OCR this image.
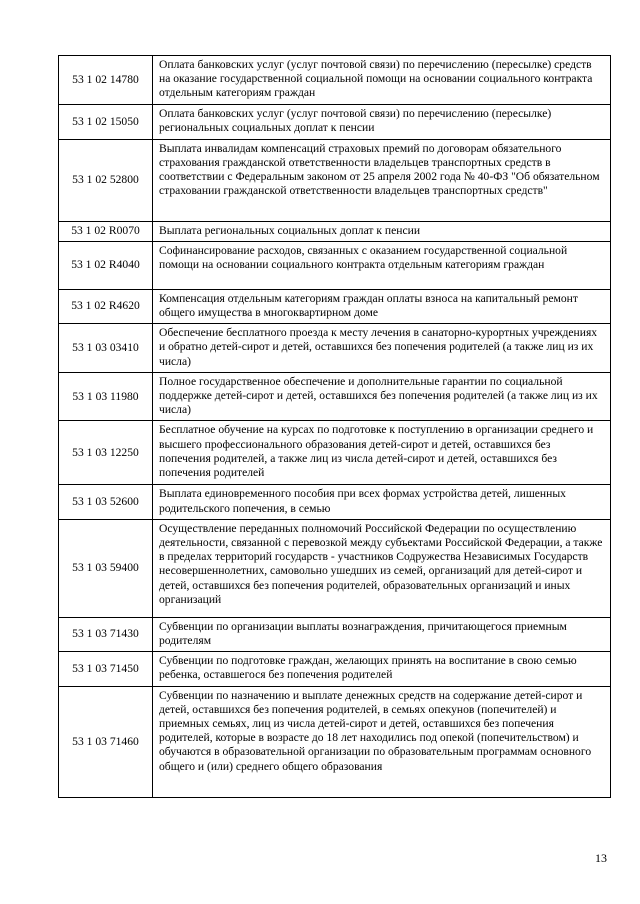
53 1 02 14780	Оплата банковских услуг (услуг почтовой связи) по перечислению (пересылке) средств на оказание государственной социальной помощи на основании социального контракта отдельным категориям граждан
53 1 02 15050	Оплата банковских услуг (услуг почтовой связи) по перечислению (пересылке) региональных социальных доплат к пенсии
53 1 02 52800	Выплата инвалидам компенсаций страховых премий по договорам обязательного страхования гражданской ответственности владельцев транспортных средств в соответствии с Федеральным законом от 25 апреля 2002 года № 40-ФЗ "Об обязательном страховании гражданской ответственности владельцев транспортных средств"
53 1 02 R0070	Выплата региональных социальных доплат к пенсии
53 1 02 R4040	Софинансирование расходов, связанных с оказанием государственной социальной помощи на основании социального контракта отдельным категориям граждан
53 1 02 R4620	Компенсация отдельным категориям граждан оплаты взноса на капитальный ремонт общего имущества в многоквартирном доме
53 1 03 03410	Обеспечение бесплатного проезда к месту лечения в санаторно-курортных учреждениях и обратно детей-сирот и детей, оставшихся без попечения родителей (а также лиц из их числа)
53 1 03 11980	Полное государственное обеспечение и дополнительные гарантии по социальной поддержке детей-сирот и детей, оставшихся без попечения родителей (а также лиц из их числа)
53 1 03 12250	Бесплатное обучение на курсах по подготовке к поступлению в организации среднего и высшего профессионального образования детей-сирот и детей, оставшихся без попечения родителей, а также лиц из числа детей-сирот и детей, оставшихся без попечения родителей
53 1 03 52600	Выплата единовременного пособия при всех формах устройства детей, лишенных родительского попечения, в семью
53 1 03 59400	Осуществление переданных полномочий Российской Федерации по осуществлению деятельности, связанной с перевозкой между субъектами Российской Федерации, а также в пределах территорий государств - участников Содружества Независимых Государств несовершеннолетних, самовольно ушедших из семей, организаций для детей-сирот и детей, оставшихся без попечения родителей, образовательных организаций и иных организаций
53 1 03 71430	Субвенции по организации выплаты вознаграждения, причитающегося приемным родителям
53 1 03 71450	Субвенции по подготовке граждан, желающих принять на воспитание в свою семью ребенка, оставшегося без попечения родителей
53 1 03 71460	Субвенции по назначению и выплате денежных средств на содержание детей-сирот и детей, оставшихся без попечения родителей, в семьях опекунов (попечителей) и приемных семьях, лиц из числа детей-сирот и детей, оставшихся без попечения родителей, которые в возрасте до 18 лет находились под опекой (попечительством) и обучаются в образовательной организации по образовательным программам основного общего и (или) среднего общего образования
13
